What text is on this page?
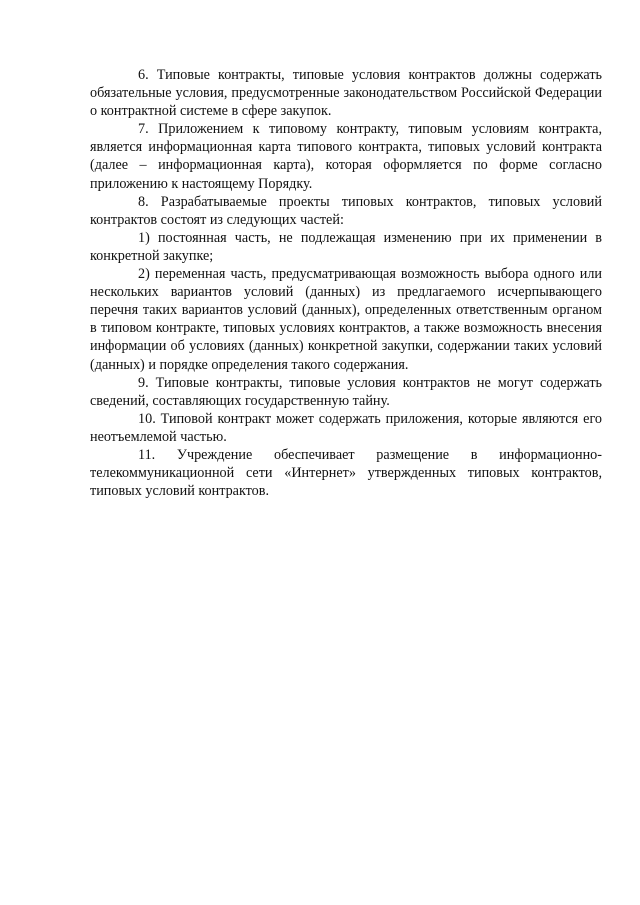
6. Типовые контракты, типовые условия контрактов должны содержать обязательные условия, предусмотренные законодательством Российской Федерации о контрактной системе в сфере закупок.

7. Приложением к типовому контракту, типовым условиям контракта, является информационная карта типового контракта, типовых условий контракта (далее – информационная карта), которая оформляется по форме согласно приложению к настоящему Порядку.

8. Разрабатываемые проекты типовых контрактов, типовых условий контрактов состоят из следующих частей:

1) постоянная часть, не подлежащая изменению при их применении в конкретной закупке;

2) переменная часть, предусматривающая возможность выбора одного или нескольких вариантов условий (данных) из предлагаемого исчерпывающего перечня таких вариантов условий (данных), определенных ответственным органом в типовом контракте, типовых условиях контрактов, а также возможность внесения информации об условиях (данных) конкретной закупки, содержании таких условий (данных) и порядке определения такого содержания.

9. Типовые контракты, типовые условия контрактов не могут содержать сведений, составляющих государственную тайну.

10. Типовой контракт может содержать приложения, которые являются его неотъемлемой частью.

11. Учреждение обеспечивает размещение в информационно-телекоммуникационной сети «Интернет» утвержденных типовых контрактов, типовых условий контрактов.
